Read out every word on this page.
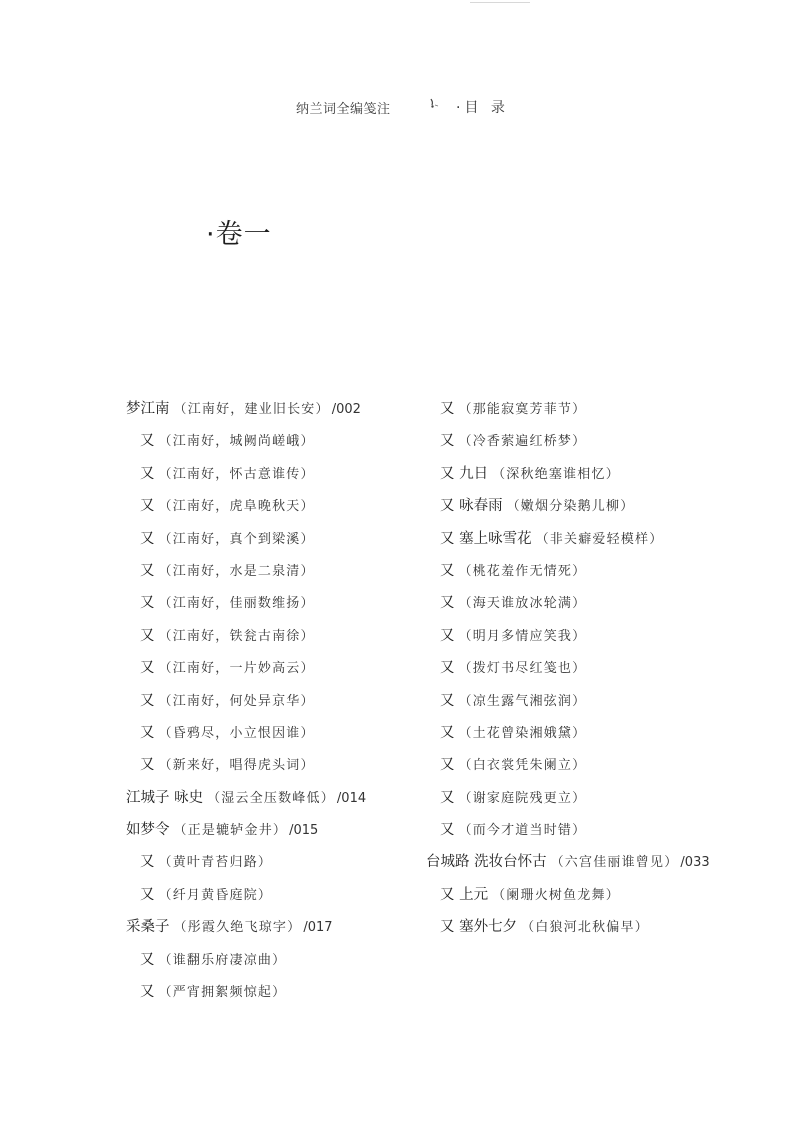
纳兰词全编笺注	·目 录
·卷一
梦江南 （江南好，建业旧长安） /002
又 （江南好，城阙尚嵯峨）
又 （江南好，怀古意谁传）
又 （江南好，虎阜晚秋天）
又 （江南好，真个到梁溪）
又 （江南好，水是二泉清）
又 （江南好，佳丽数维扬）
又 （江南好，铁瓮古南徐）
又 （江南好，一片妙高云）
又 （江南好，何处异京华）
又 （昏鸦尽，小立恨因谁）
又 （新来好，唱得虎头词）
江城子 咏史 （湿云全压数峰低） /014
如梦令 （正是辘轳金井） /015
又 （黄叶青苔归路）
又 （纤月黄昏庭院）
采桑子 （彤霞久绝飞琼字） /017
又 （谁翻乐府凄凉曲）
又 （严宵拥絮频惊起）
又 （那能寂寞芳菲节）
又 （冷香萦遍红桥梦）
又 九日 （深秋绝塞谁相忆）
又 咏春雨 （嫩烟分染鹅儿柳）
又 塞上咏雪花 （非关癖爱轻模样）
又 （桃花羞作无情死）
又 （海天谁放冰轮满）
又 （明月多情应笑我）
又 （拨灯书尽红笺也）
又 （凉生露气湘弦润）
又 （土花曾染湘娥黛）
又 （白衣裳凭朱阑立）
又 （谢家庭院残更立）
又 （而今才道当时错）
台城路 洗妆台怀古 （六宫佳丽谁曾见） /033
又 上元 （阑珊火树鱼龙舞）
又 塞外七夕 （白狼河北秋偏早）
